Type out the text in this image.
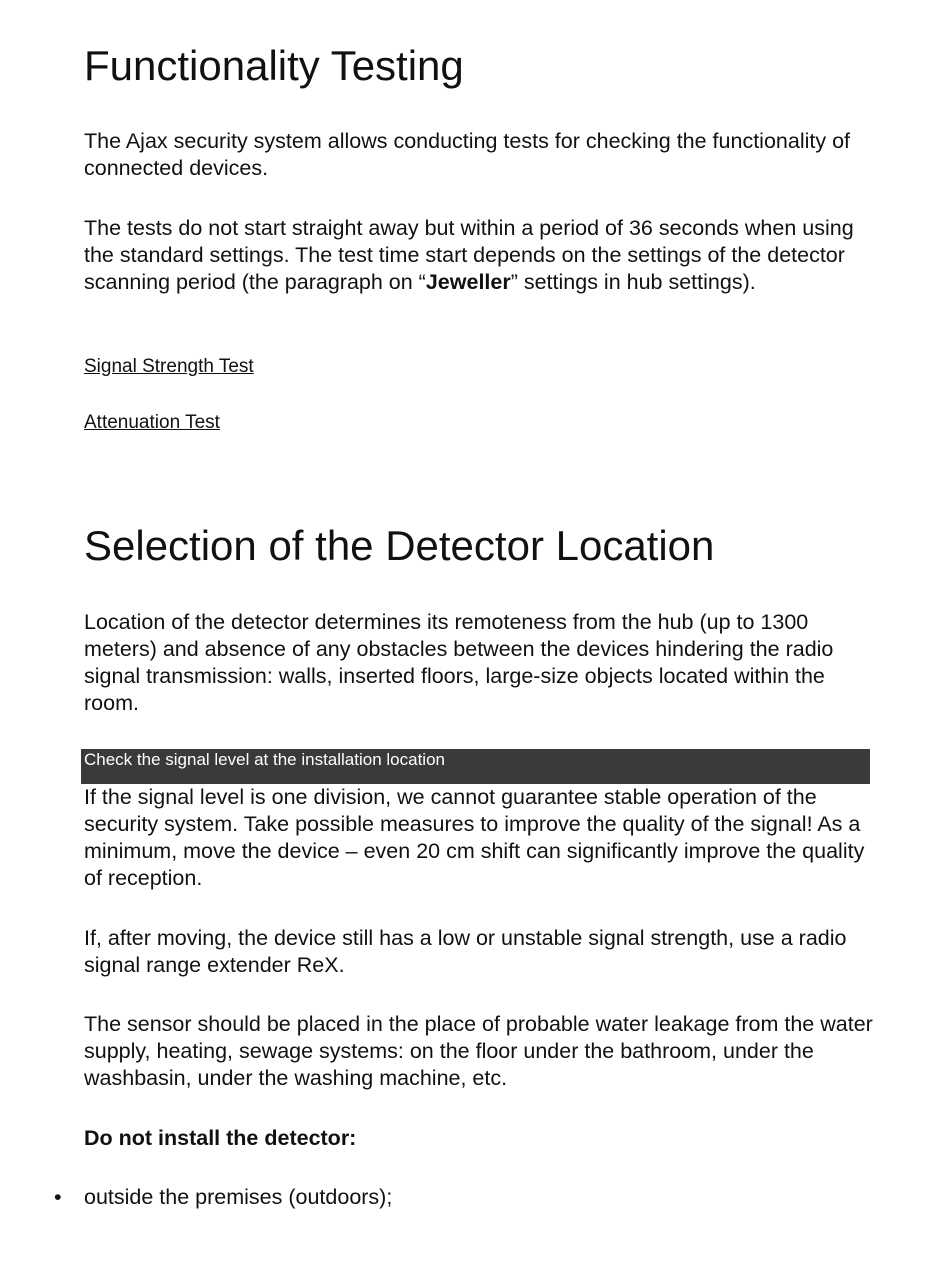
Functionality Testing

The Ajax security system allows conducting tests for checking the functionality of connected devices.

The tests do not start straight away but within a period of 36 seconds when using the standard settings. The test time start depends on the settings of the detector scanning period (the paragraph on “Jeweller” settings in hub settings).

Signal Strength Test
Attenuation Test
Selection of the Detector Location

Location of the detector determines its remoteness from the hub (up to 1300 meters) and absence of any obstacles between the devices hindering the radio signal transmission: walls, inserted floors, large-size objects located within the room.

Check the signal level at the installation location

If the signal level is one division, we cannot guarantee stable operation of the security system. Take possible measures to improve the quality of the signal! As a minimum, move the device – even 20 cm shift can significantly improve the quality of reception.

If, after moving, the device still has a low or unstable signal strength, use a radio signal range extender ReX.

The sensor should be placed in the place of probable water leakage from the water supply, heating, sewage systems: on the floor under the bathroom, under the washbasin, under the washing machine, etc.

Do not install the detector:

• outside the premises (outdoors);
